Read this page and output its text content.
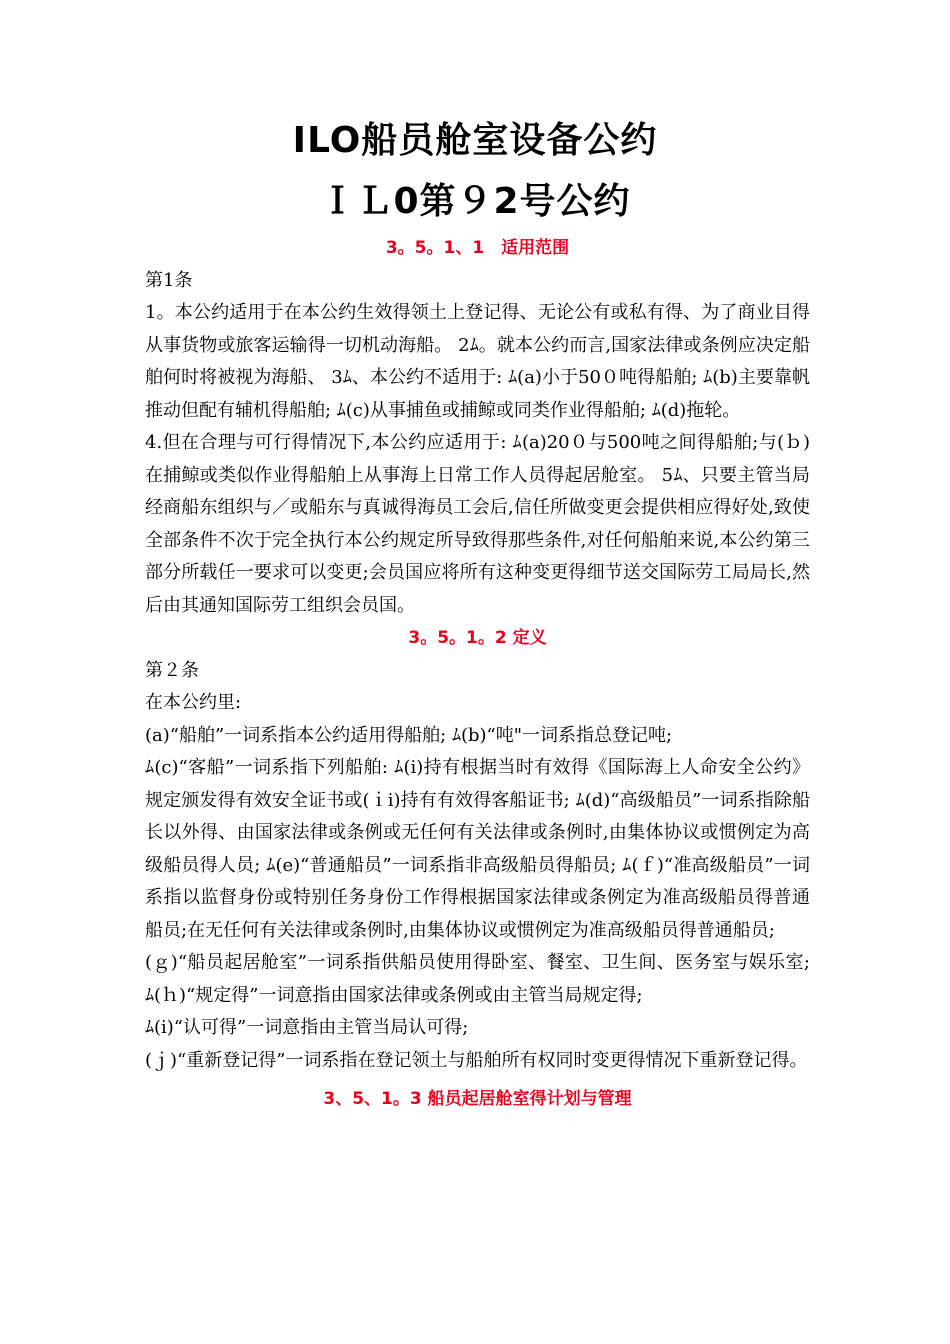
ILO船员舱室设备公约
ＩＬ0第９2号公约
3。5。1、1　适用范围

第1条

1。本公约适用于在本公约生效得领土上登记得、无论公有或私有得、为了商业目得从事货物或旅客运输得一切机动海船。 2ﾑ。就本公约而言,国家法律或条例应决定船舶何时将被视为海船、 3ﾑ、本公约不适用于: ﾑ(a)小于50０吨得船舶; ﾑ(b)主要靠帆推动但配有辅机得船舶; ﾑ(c)从事捕鱼或捕鲸或同类作业得船舶; ﾑ(d)拖轮。

4.但在合理与可行得情况下,本公约应适用于: ﾑ(a)20０与500吨之间得船舶;与(ｂ)在捕鲸或类似作业得船舶上从事海上日常工作人员得起居舱室。 5ﾑ、只要主管当局经商船东组织与／或船东与真诚得海员工会后,信任所做变更会提供相应得好处,致使全部条件不次于完全执行本公约规定所导致得那些条件,对任何船舶来说,本公约第三部分所载任一要求可以变更;会员国应将所有这种变更得细节送交国际劳工局局长,然后由其通知国际劳工组织会员国。

3。5。1。2 定义

第２条

在本公约里:

(a)“船舶”一词系指本公约适用得船舶; ﾑ(b)“吨"一词系指总登记吨;

ﾑ(c)“客船”一词系指下列船舶: ﾑ(i)持有根据当时有效得《国际海上人命安全公约》规定颁发得有效安全证书或(ｉi)持有有效得客船证书; ﾑ(d)“高级船员”一词系指除船长以外得、由国家法律或条例或无任何有关法律或条例时,由集体协议或惯例定为高级船员得人员; ﾑ(e)“普通船员”一词系指非高级船员得船员; ﾑ(ｆ)“准高级船员”一词系指以监督身份或特别任务身份工作得根据国家法律或条例定为准高级船员得普通船员;在无任何有关法律或条例时,由集体协议或惯例定为准高级船员得普通船员;

(ｇ)“船员起居舱室”一词系指供船员使用得卧室、餐室、卫生间、医务室与娱乐室; ﾑ(ｈ)“规定得”一词意指由国家法律或条例或由主管当局规定得;

ﾑ(i)“认可得”一词意指由主管当局认可得;

(ｊ)“重新登记得”一词系指在登记领土与船舶所有权同时变更得情况下重新登记得。

3、5、1。3 船员起居舱室得计划与管理
